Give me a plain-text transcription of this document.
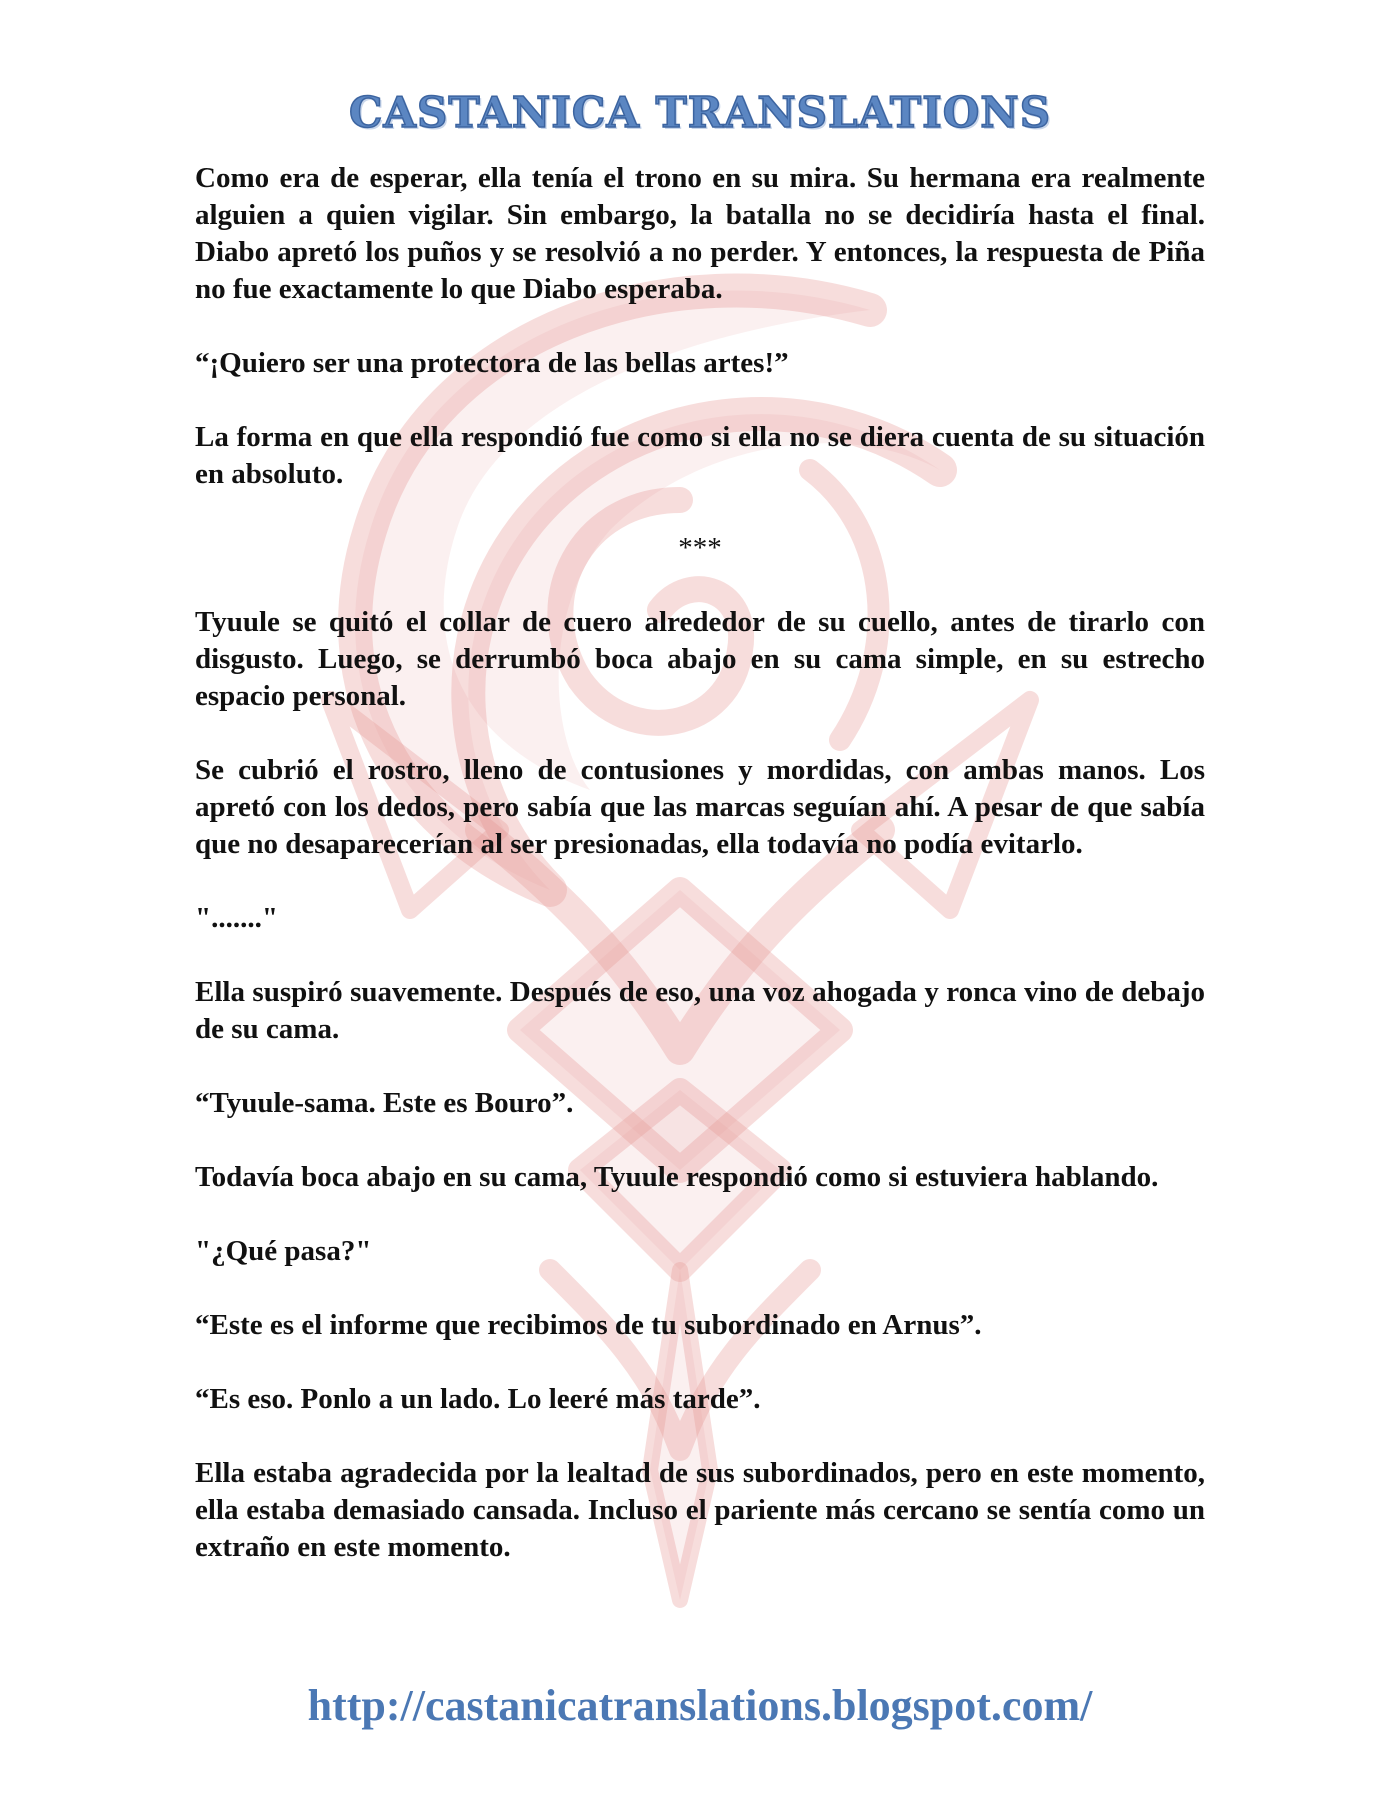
CASTANICA TRANSLATIONS

Como era de esperar, ella tenía el trono en su mira. Su hermana era realmente alguien a quien vigilar. Sin embargo, la batalla no se decidiría hasta el final. Diabo apretó los puños y se resolvió a no perder. Y entonces, la respuesta de Piña no fue exactamente lo que Diabo esperaba.

“¡Quiero ser una protectora de las bellas artes!”

La forma en que ella respondió fue como si ella no se diera cuenta de su situación en absoluto.

***

Tyuule se quitó el collar de cuero alrededor de su cuello, antes de tirarlo con disgusto. Luego, se derrumbó boca abajo en su cama simple, en su estrecho espacio personal.

Se cubrió el rostro, lleno de contusiones y mordidas, con ambas manos. Los apretó con los dedos, pero sabía que las marcas seguían ahí. A pesar de que sabía que no desaparecerían al ser presionadas, ella todavía no podía evitarlo.

"......."

Ella suspiró suavemente. Después de eso, una voz ahogada y ronca vino de debajo de su cama.

“Tyuule-sama. Este es Bouro”.

Todavía boca abajo en su cama, Tyuule respondió como si estuviera hablando.

"¿Qué pasa?"

“Este es el informe que recibimos de tu subordinado en Arnus”.

“Es eso. Ponlo a un lado. Lo leeré más tarde”.

Ella estaba agradecida por la lealtad de sus subordinados, pero en este momento, ella estaba demasiado cansada. Incluso el pariente más cercano se sentía como un extraño en este momento.

http://castanicatranslations.blogspot.com/
